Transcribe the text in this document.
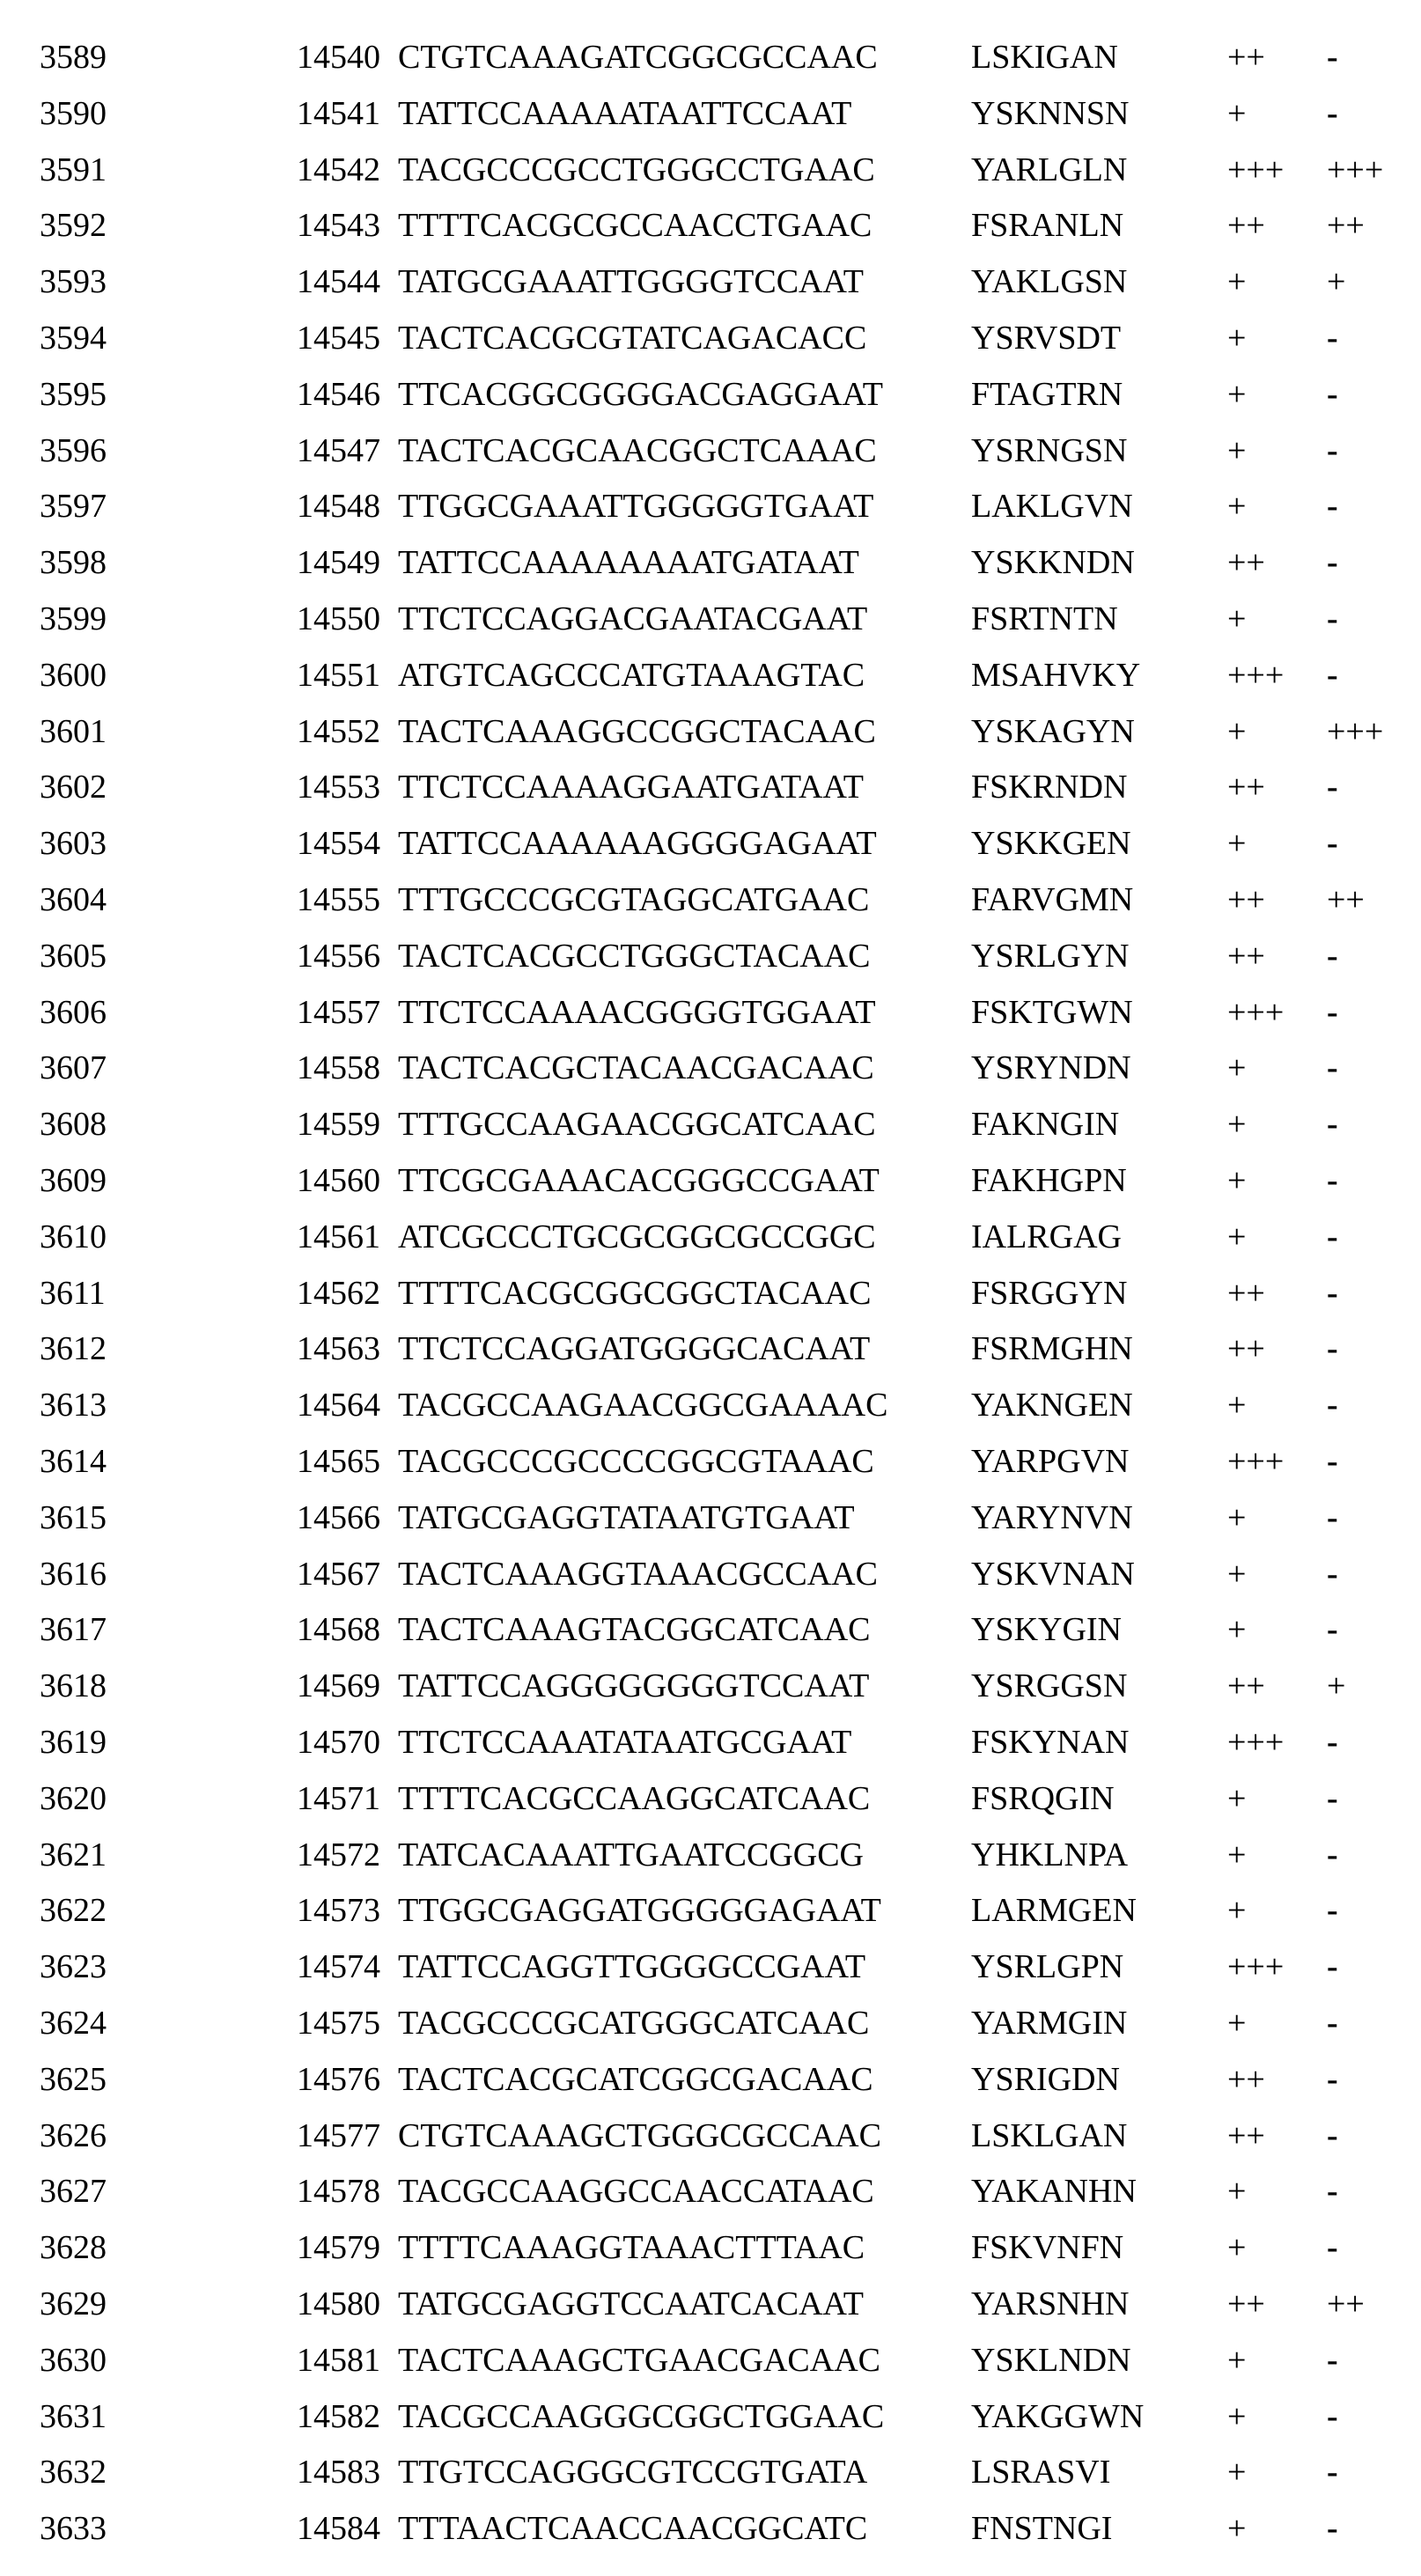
3589	14540 CTGTCAAAGATCGGCGCCAAC	LSKIGAN	++ -
3590	14541 TATTCCAAAAATAATTCCAAT	YSKNNSN	+ -
3591	14542 TACGCCCGCCTGGGCCTGAAC	YARLGLN	+++ +++
3592	14543 TTTTCACGCGCCAACCTGAAC	FSRANLN	++ ++
3593	14544 TATGCGAAATTGGGGTCCAAT	YAKLGSN	+ +
3594	14545 TACTCACGCGTATCAGACACC	YSRVSDT	+ -
3595	14546 TTCACGGCGGGGACGAGGAAT	FTAGTRN	+ -
3596	14547 TACTCACGCAACGGCTCAAAC	YSRNGSN	+ -
3597	14548 TTGGCGAAATTGGGGGTGAAT	LAKLGVN	+ -
3598	14549 TATTCCAAAAAAAATGATAAT	YSKKNDN	++ -
3599	14550 TTCTCCAGGACGAATACGAAT	FSRTNTN	+ -
3600	14551 ATGTCAGCCCATGTAAAGTAC	MSAHVKY	+++ -
3601	14552 TACTCAAAGGCCGGCTACAAC	YSKAGYN	+ +++
3602	14553 TTCTCCAAAAGGAATGATAAT	FSKRNDN	++ -
3603	14554 TATTCCAAAAAAGGGGAGAAT	YSKKGEN	+ -
3604	14555 TTTGCCCGCGTAGGCATGAAC	FARVGMN	++ ++
3605	14556 TACTCACGCCTGGGCTACAAC	YSRLGYN	++ -
3606	14557 TTCTCCAAAACGGGGTGGAAT	FSKTGWN	+++ -
3607	14558 TACTCACGCTACAACGACAAC	YSRYNDN	+ -
3608	14559 TTTGCCAAGAACGGCATCAAC	FAKNGIN	+ -
3609	14560 TTCGCGAAACACGGGCCGAAT	FAKHGPN	+ -
3610	14561 ATCGCCCTGCGCGGCGCCGGC	IALRGAG	+ -
3611	14562 TTTTCACGCGGCGGCTACAAC	FSRGGYN	++ -
3612	14563 TTCTCCAGGATGGGGCACAAT	FSRMGHN	++ -
3613	14564 TACGCCAAGAACGGCGAAAAC YAKNGEN	+ -
3614	14565 TACGCCCGCCCCGGCGTAAAC	YARPGVN	+++ -
3615	14566 TATGCGAGGTATAATGTGAAT	YARYNVN	+ -
3616	14567 TACTCAAAGGTAAACGCCAAC	YSKVNAN	+ -
3617	14568 TACTCAAAGTACGGCATCAAC	YSKYGIN	+ -
3618	14569 TATTCCAGGGGGGGGTCCAAT	YSRGGSN	++ +
3619	14570 TTCTCCAAATATAATGCGAAT	FSKYNAN	+++ -
3620	14571 TTTTCACGCCAAGGCATCAAC	FSRQGIN	+ -
3621	14572 TATCACAAATTGAATCCGGCG	YHKLNPA	+ -
3622	14573 TTGGCGAGGATGGGGGAGAAT	LARMGEN	+ -
3623	14574 TATTCCAGGTTGGGGCCGAAT	YSRLGPN	+++ -
3624	14575 TACGCCCGCATGGGCATCAAC	YARMGIN	+ -
3625	14576 TACTCACGCATCGGCGACAAC	YSRIGDN	++ -
3626	14577 CTGTCAAAGCTGGGCGCCAAC	LSKLGAN	++ -
3627	14578 TACGCCAAGGCCAACCATAAC	YAKANHN	+ -
3628	14579 TTTTCAAAGGTAAACTTTAAC	FSKVNFN	+ -
3629	14580 TATGCGAGGTCCAATCACAAT	YARSNHN	++ ++
3630	14581 TACTCAAAGCTGAACGACAAC	YSKLNDN	+ -
3631	14582 TACGCCAAGGGCGGCTGGAAC	YAKGGWN + -
3632	14583 TTGTCCAGGGCGTCCGTGATA	LSRASVI	+ -
3633	14584 TTTAACTCAACCAACGGCATC	FNSTNGI	+ -
